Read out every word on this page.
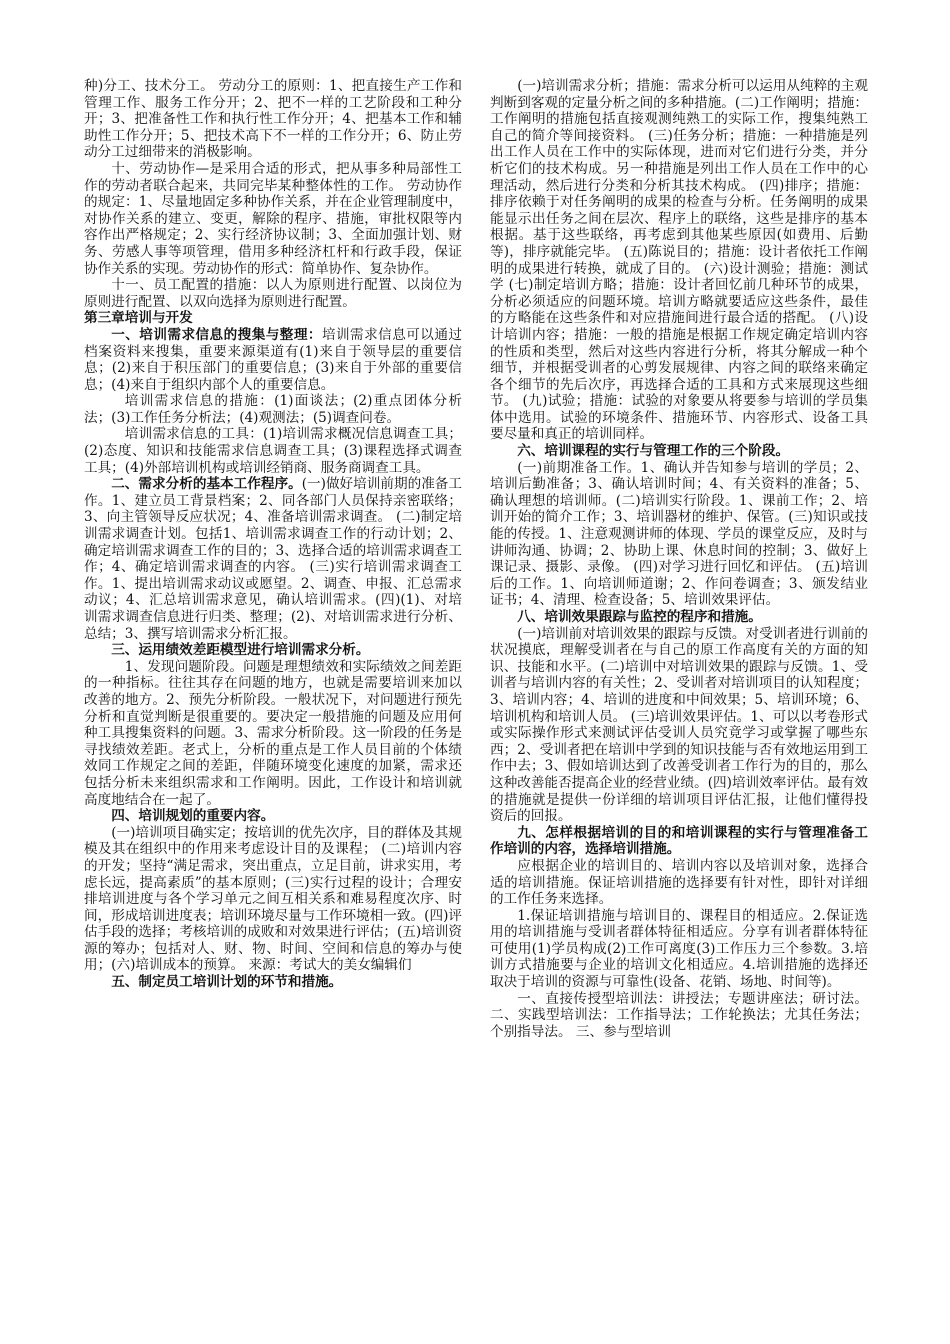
种)分工、技术分工。 劳动分工的原则：1、把直接生产工作和管理工作、服务工作分开；2、把不一样的工艺阶段和工种分开；3、把准备性工作和执行性工作分开；4、把基本工作和辅助性工作分开；5、把技术高下不一样的工作分开；6、防止劳动分工过细带来的消极影响。

十、劳动协作—是采用合适的形式，把从事多种局部性工作的劳动者联合起来，共同完毕某种整体性的工作。 劳动协作的规定：1、尽量地固定多种协作关系，并在企业管理制度中，对协作关系的建立、变更，解除的程序、措施，审批权限等内容作出严格规定；2、实行经济协议制；3、全面加强计划、财务、劳感人事等项管理，借用多种经济杠杆和行政手段，保证协作关系的实现。劳动协作的形式：简单协作、复杂协作。

十一、员工配置的措施：以人为原则进行配置、以岗位为原则进行配置、以双向选择为原则进行配置。

第三章培训与开发

一、培训需求信息的搜集与整理：培训需求信息可以通过档案资料来搜集，重要来源渠道有(1)来自于领导层的重要信息；(2)来自于积压部门的重要信息；(3)来自于外部的重要信息；(4)来自于组织内部个人的重要信息。

培训需求信息的措施：(1)面谈法；(2)重点团体分析法；(3)工作任务分析法；(4)观测法；(5)调查问卷。

培训需求信息的工具：(1)培训需求概况信息调查工具；(2)态度、知识和技能需求信息调查工具；(3)课程选择式调查工具；(4)外部培训机构或培训经销商、服务商调查工具。

二、需求分析的基本工作程序。(一)做好培训前期的准备工作。1、建立员工背景档案；2、同各部门人员保持亲密联络；3、向主管领导反应状况；4、准备培训需求调查。 (二)制定培训需求调查计划。包括1、培训需求调查工作的行动计划；2、确定培训需求调查工作的目的；3、选择合适的培训需求调查工作；4、确定培训需求调查的内容。 (三)实行培训需求调查工作。1、提出培训需求动议或愿望。2、调查、申报、汇总需求动议；4、汇总培训需求意见，确认培训需求。(四)(1)、对培训需求调查信息进行归类、整理；(2)、对培训需求进行分析、总结；3、撰写培训需求分析汇报。

三、运用绩效差距模型进行培训需求分析。

1、发现问题阶段。问题是理想绩效和实际绩效之间差距的一种指标。往往其存在问题的地方，也就是需要培训来加以改善的地方。2、预先分析阶段。一般状况下，对问题进行预先分析和直觉判断是很重要的。要决定一般措施的问题及应用何种工具搜集资料的问题。3、需求分析阶段。这一阶段的任务是寻找绩效差距。老式上，分析的重点是工作人员目前的个体绩效同工作规定之间的差距，伴随环境变化速度的加紧，需求还包括分析未来组织需求和工作阐明。因此，工作设计和培训就高度地结合在一起了。

四、培训规划的重要内容。

(一)培训项目确实定；按培训的优先次序，目的群体及其规模及其在组织中的作用来考虑设计目的及课程； (二)培训内容的开发；坚持“满足需求，突出重点，立足目前，讲求实用，考虑长远，提高素质”的基本原则；(三)实行过程的设计；合理安排培训进度与各个学习单元之间互相关系和难易程度次序、时间，形成培训进度表；培训环境尽量与工作环境相一致。(四)评估手段的选择；考核培训的成败和对效果进行评估；(五)培训资源的筹办；包括对人、财、物、时间、空间和信息的筹办与使用；(六)培训成本的预算。 来源：考试大的美女编辑们

五、制定员工培训计划的环节和措施。

(一)培训需求分析；措施：需求分析可以运用从纯粹的主观判断到客观的定量分析之间的多种措施。(二)工作阐明；措施：工作阐明的措施包括直接观测纯熟工的实际工作，搜集纯熟工自己的简介等间接资料。 (三)任务分析；措施：一种措施是列出工作人员在工作中的实际体现，进而对它们进行分类，并分析它们的技术构成。另一种措施是列出工作人员在工作中的心理活动，然后进行分类和分析其技术构成。 (四)排序；措施：排序依赖于对任务阐明的成果的检查与分析。任务阐明的成果能显示出任务之间在层次、程序上的联络，这些是排序的基本根据。基于这些联络，再考虑到其他某些原因(如费用、后勤等)，排序就能完毕。 (五)陈说目的；措施：设计者依托工作阐明的成果进行转换，就成了目的。 (六)设计测验；措施：测试学 (七)制定培训方略；措施：设计者回忆前几种环节的成果，分析必须适应的问题环境。培训方略就要适应这些条件，最佳的方略能在这些条件和对应措施间进行最合适的搭配。 (八)设计培训内容；措施：一般的措施是根据工作规定确定培训内容的性质和类型，然后对这些内容进行分析，将其分解成一种个细节，并根据受训者的心剪发展规律、内容之间的联络来确定各个细节的先后次序，再选择合适的工具和方式来展现这些细节。 (九)试验；措施：试验的对象要从将要参与培训的学员集体中选用。试验的环境条件、措施环节、内容形式、设备工具要尽量和真正的培训同样。

六、培训课程的实行与管理工作的三个阶段。

(一)前期准备工作。1、确认并告知参与培训的学员；2、培训后勤准备；3、确认培训时间；4、有关资料的准备；5、确认理想的培训师。(二)培训实行阶段。1、课前工作；2、培训开始的简介工作；3、培训器材的维护、保管。(三)知识或技能的传授。1、注意观测讲师的体现、学员的课堂反应，及时与讲师沟通、协调；2、协助上课、休息时间的控制；3、做好上课记录、摄影、录像。 (四)对学习进行回忆和评估。 (五)培训后的工作。1、向培训师道谢；2、作问卷调查；3、颁发结业证书；4、清理、检查设备；5、培训效果评估。

八、培训效果跟踪与监控的程序和措施。

(一)培训前对培训效果的跟踪与反馈。对受训者进行训前的状况摸底，理解受训者在与自己的原工作高度有关的方面的知识、技能和水平。(二)培训中对培训效果的跟踪与反馈。1、受训者与培训内容的有关性；2、受训者对培训项目的认知程度；3、培训内容；4、培训的进度和中间效果；5、培训环境；6、培训机构和培训人员。 (三)培训效果评估。1、可以以考卷形式或实际操作形式来测试评估受训人员究竟学习或掌握了哪些东西；2、受训者把在培训中学到的知识技能与否有效地运用到工作中去；3、假如培训达到了改善受训者工作行为的目的，那么这种改善能否提高企业的经营业绩。(四)培训效率评估。最有效的措施就是提供一份详细的培训项目评估汇报，让他们懂得投资后的回报。

九、怎样根据培训的目的和培训课程的实行与管理准备工作培训的内容，选择培训措施。

应根据企业的培训目的、培训内容以及培训对象，选择合适的培训措施。保证培训措施的选择要有针对性，即针对详细的工作任务来选择。

1.保证培训措施与培训目的、课程目的相适应。2.保证选用的培训措施与受训者群体特征相适应。分享有训者群体特征可使用(1)学员构成(2)工作可离度(3)工作压力三个参数。3.培训方式措施要与企业的培训文化相适应。4.培训措施的选择还取决于培训的资源与可靠性(设备、花销、场地、时间等)。

一、直接传授型培训法：讲授法；专题讲座法；研讨法。 二、实践型培训法：工作指导法；工作轮换法；尤其任务法；个别指导法。 三、参与型培训
